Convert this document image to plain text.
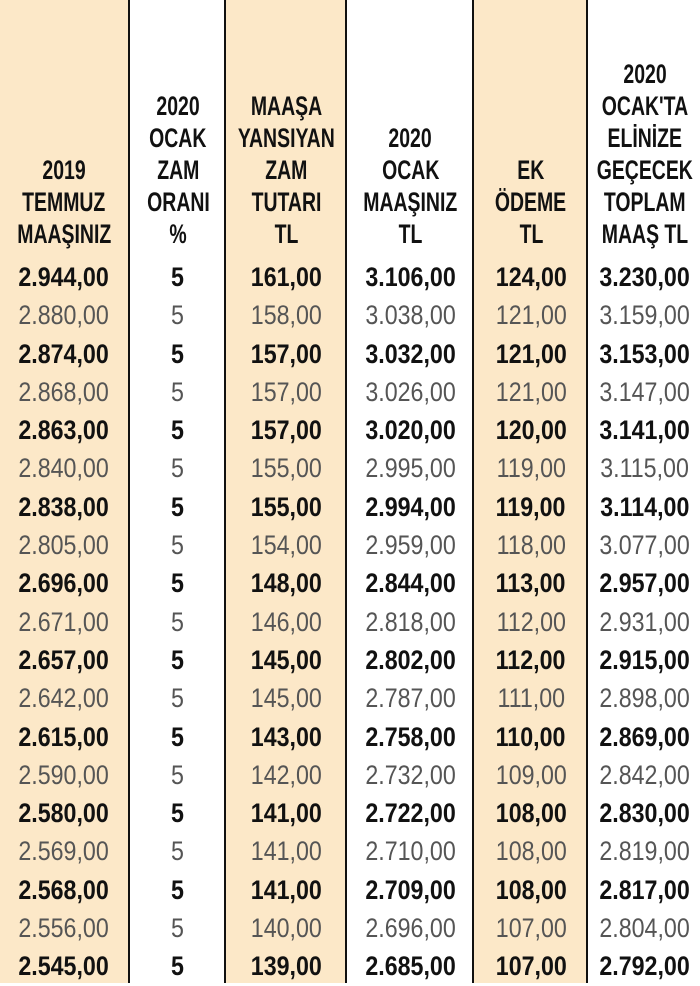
2019
TEMMUZ
MAAŞINIZ
2.944,00
2.880,00
2.874,00
2.868,00
2.863,00
2.840,00
2.838,00
2.805,00
2.696,00
2.671,00
2.657,00
2.642,00
2.615,00
2.590,00
2.580,00
2.569,00
2.568,00
2.556,00
2.545,00
2020
OCAK
ZAM
ORANI
%
5
5
5
5
5
5
5
5
5
5
5
5
5
5
5
5
5
5
5
MAAŞA
YANSIYAN
ZAM
TUTARI
TL
161,00
158,00
157,00
157,00
157,00
155,00
155,00
154,00
148,00
146,00
145,00
145,00
143,00
142,00
141,00
141,00
141,00
140,00
139,00
2020
OCAK
MAAŞINIZ
TL
3.106,00
3.038,00
3.032,00
3.026,00
3.020,00
2.995,00
2.994,00
2.959,00
2.844,00
2.818,00
2.802,00
2.787,00
2.758,00
2.732,00
2.722,00
2.710,00
2.709,00
2.696,00
2.685,00
EK
ÖDEME
TL
124,00
121,00
121,00
121,00
120,00
119,00
119,00
118,00
113,00
112,00
112,00
111,00
110,00
109,00
108,00
108,00
108,00
107,00
107,00
2020
OCAK'TA
ELİNİZE
GEÇECEK
TOPLAM
MAAŞ TL
3.230,00
3.159,00
3.153,00
3.147,00
3.141,00
3.115,00
3.114,00
3.077,00
2.957,00
2.931,00
2.915,00
2.898,00
2.869,00
2.842,00
2.830,00
2.819,00
2.817,00
2.804,00
2.792,00
